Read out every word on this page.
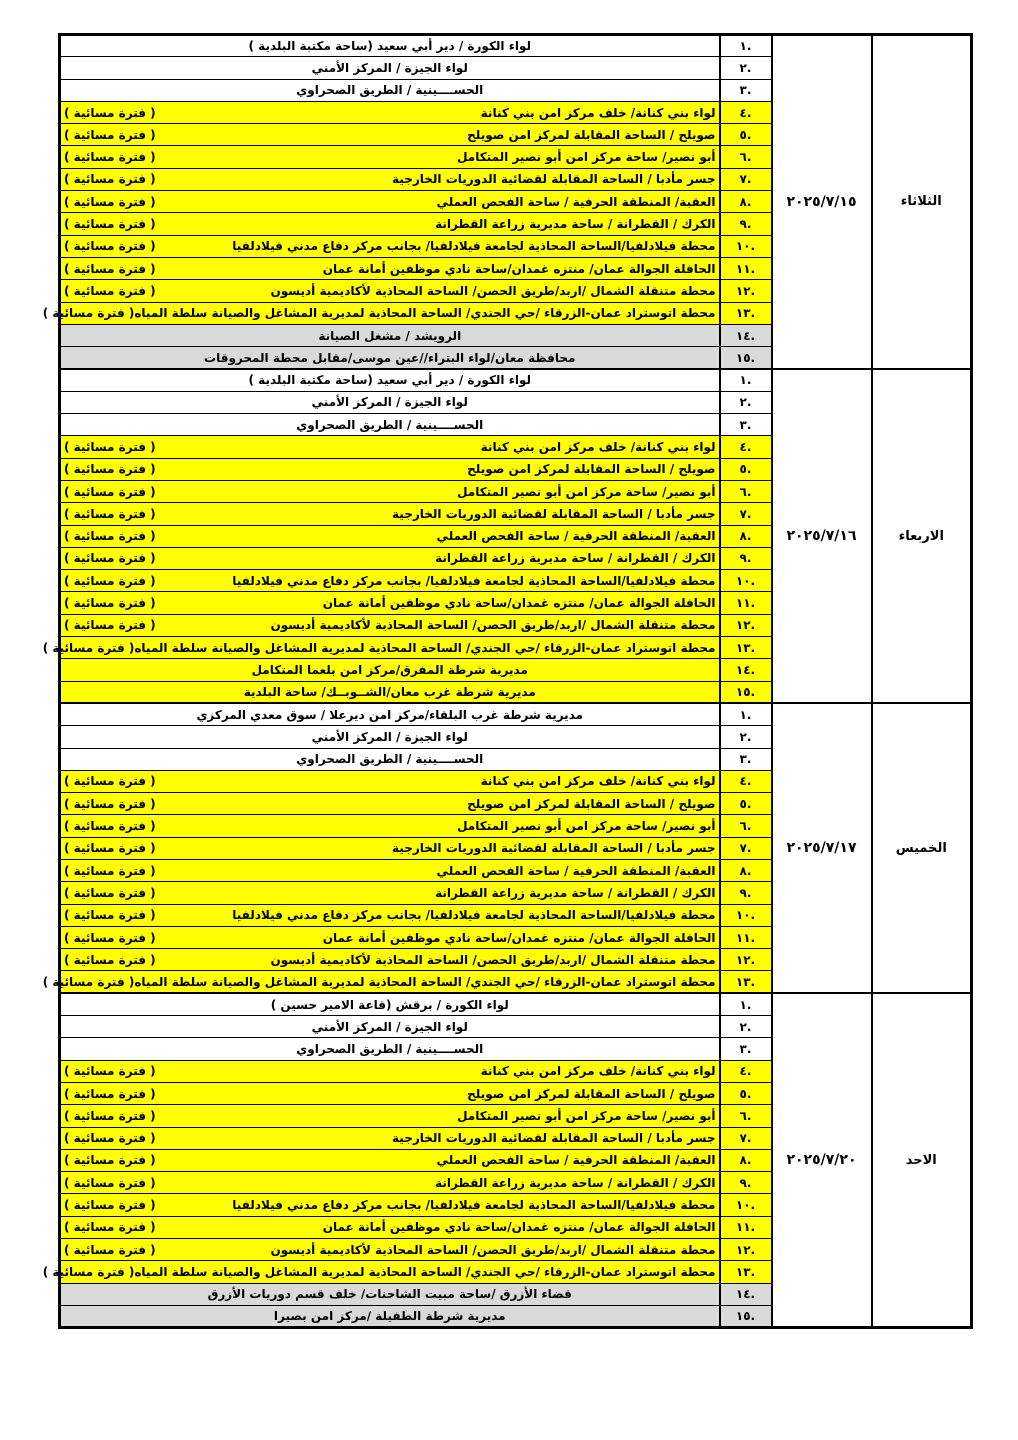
الثلاثاء	٢٠٢٥/٧/١٥	.١	لواء الكورة / دير أبي سعيد (ساحة مكتبة البلدية )

		.٢	لواء الجيزة / المركز الأمني

		.٣	الحســــينية / الطريق الصحراوي

		.٤	لواء بني كنانة/ خلف مركز امن بني كنانة
( فترة مسائية )

		.٥	صويلح / الساحة المقابلة لمركز امن صويلح
( فترة مسائية )

		.٦	أبو نصير/ ساحة مركز امن أبو نصير المتكامل
( فترة مسائية )

		.٧	جسر مأدبا / الساحة المقابلة لقضائية الدوريات الخارجية
( فترة مسائية )

		.٨	العقبة/ المنطقة الحرفية / ساحة الفحص العملي
( فترة مسائية )

		.٩	الكرك / القطرانة / ساحة مديرية زراعة القطرانة
( فترة مسائية )

		.١٠	محطة فيلادلفيا/الساحة المحاذية لجامعة فيلادلفيا/ بجانب مركز دفاع مدني فيلادلفيا
( فترة مسائية )

		.١١	الحافلة الجوالة عمان/ منتزه غمدان/ساحة نادي موظفين أمانة عمان
( فترة مسائية )

		.١٢	محطة متنقلة الشمال /اربد/طريق الحصن/ الساحة المحاذية لأكاديمية أديسون
( فترة مسائية )

		.١٣	محطة اتوستراد عمان-الزرقاء /حي الجندي/ الساحة المحاذية لمديرية المشاغل والصيانة سلطة المياه
( فترة مسائية )

		.١٤	الرويشد / مشغل الصيانة

		.١٥	محافظة معان/لواء البتراء//عين موسى/مقابل محطة المحروقات

الاربعاء	٢٠٢٥/٧/١٦	.١	لواء الكورة / دير أبي سعيد (ساحة مكتبة البلدية )

		.٢	لواء الجيزة / المركز الأمني

		.٣	الحســــينية / الطريق الصحراوي

		.٤	لواء بني كنانة/ خلف مركز امن بني كنانة
( فترة مسائية )

		.٥	صويلح / الساحة المقابلة لمركز امن صويلح
( فترة مسائية )

		.٦	أبو نصير/ ساحة مركز امن أبو نصير المتكامل
( فترة مسائية )

		.٧	جسر مأدبا / الساحة المقابلة لقضائية الدوريات الخارجية
( فترة مسائية )

		.٨	العقبة/ المنطقة الحرفية / ساحة الفحص العملي
( فترة مسائية )

		.٩	الكرك / القطرانة / ساحة مديرية زراعة القطرانة
( فترة مسائية )

		.١٠	محطة فيلادلفيا/الساحة المحاذية لجامعة فيلادلفيا/ بجانب مركز دفاع مدني فيلادلفيا
( فترة مسائية )

		.١١	الحافلة الجوالة عمان/ منتزه غمدان/ساحة نادي موظفين أمانة عمان
( فترة مسائية )

		.١٢	محطة متنقلة الشمال /اربد/طريق الحصن/ الساحة المحاذية لأكاديمية أديسون
( فترة مسائية )

		.١٣	محطة اتوستراد عمان-الزرقاء /حي الجندي/ الساحة المحاذية لمديرية المشاغل والصيانة سلطة المياه
( فترة مسائية )

		.١٤	مديرية شرطة المفرق/مركز امن بلعما المتكامل

		.١٥	مديرية شرطة غرب معان/الشــوبــك/ ساحة البلدية

الخميس	٢٠٢٥/٧/١٧	.١	مديرية شرطة غرب البلقاء/مركز امن ديرعلا / سوق معدي المركزي

		.٢	لواء الجيزة / المركز الأمني

		.٣	الحســــينية / الطريق الصحراوي

		.٤	لواء بني كنانة/ خلف مركز امن بني كنانة
( فترة مسائية )

		.٥	صويلح / الساحة المقابلة لمركز امن صويلح
( فترة مسائية )

		.٦	أبو نصير/ ساحة مركز امن أبو نصير المتكامل
( فترة مسائية )

		.٧	جسر مأدبا / الساحة المقابلة لقضائية الدوريات الخارجية
( فترة مسائية )

		.٨	العقبة/ المنطقة الحرفية / ساحة الفحص العملي
( فترة مسائية )

		.٩	الكرك / القطرانة / ساحة مديرية زراعة القطرانة
( فترة مسائية )

		.١٠	محطة فيلادلفيا/الساحة المحاذية لجامعة فيلادلفيا/ بجانب مركز دفاع مدني فيلادلفيا
( فترة مسائية )

		.١١	الحافلة الجوالة عمان/ منتزه غمدان/ساحة نادي موظفين أمانة عمان
( فترة مسائية )

		.١٢	محطة متنقلة الشمال /اربد/طريق الحصن/ الساحة المحاذية لأكاديمية أديسون
( فترة مسائية )

		.١٣	محطة اتوستراد عمان-الزرقاء /حي الجندي/ الساحة المحاذية لمديرية المشاغل والصيانة سلطة المياه
( فترة مسائية )

الاحد	٢٠٢٥/٧/٢٠	.١	لواء الكورة / برقش (قاعة الامير حسين )

		.٢	لواء الجيزة / المركز الأمني

		.٣	الحســــينية / الطريق الصحراوي

		.٤	لواء بني كنانة/ خلف مركز امن بني كنانة
( فترة مسائية )

		.٥	صويلح / الساحة المقابلة لمركز امن صويلح
( فترة مسائية )

		.٦	أبو نصير/ ساحة مركز امن أبو نصير المتكامل
( فترة مسائية )

		.٧	جسر مأدبا / الساحة المقابلة لقضائية الدوريات الخارجية
( فترة مسائية )

		.٨	العقبة/ المنطقة الحرفية / ساحة الفحص العملي
( فترة مسائية )

		.٩	الكرك / القطرانة / ساحة مديرية زراعة القطرانة
( فترة مسائية )

		.١٠	محطة فيلادلفيا/الساحة المحاذية لجامعة فيلادلفيا/ بجانب مركز دفاع مدني فيلادلفيا
( فترة مسائية )

		.١١	الحافلة الجوالة عمان/ منتزه غمدان/ساحة نادي موظفين أمانة عمان
( فترة مسائية )

		.١٢	محطة متنقلة الشمال /اربد/طريق الحصن/ الساحة المحاذية لأكاديمية أديسون
( فترة مسائية )

		.١٣	محطة اتوستراد عمان-الزرقاء /حي الجندي/ الساحة المحاذية لمديرية المشاغل والصيانة سلطة المياه
( فترة مسائية )

		.١٤	قضاء الأزرق /ساحة مبيت الشاحنات/ خلف قسم دوريات الأزرق

		.١٥	مديرية شرطة الطفيلة /مركز امن بصيرا
